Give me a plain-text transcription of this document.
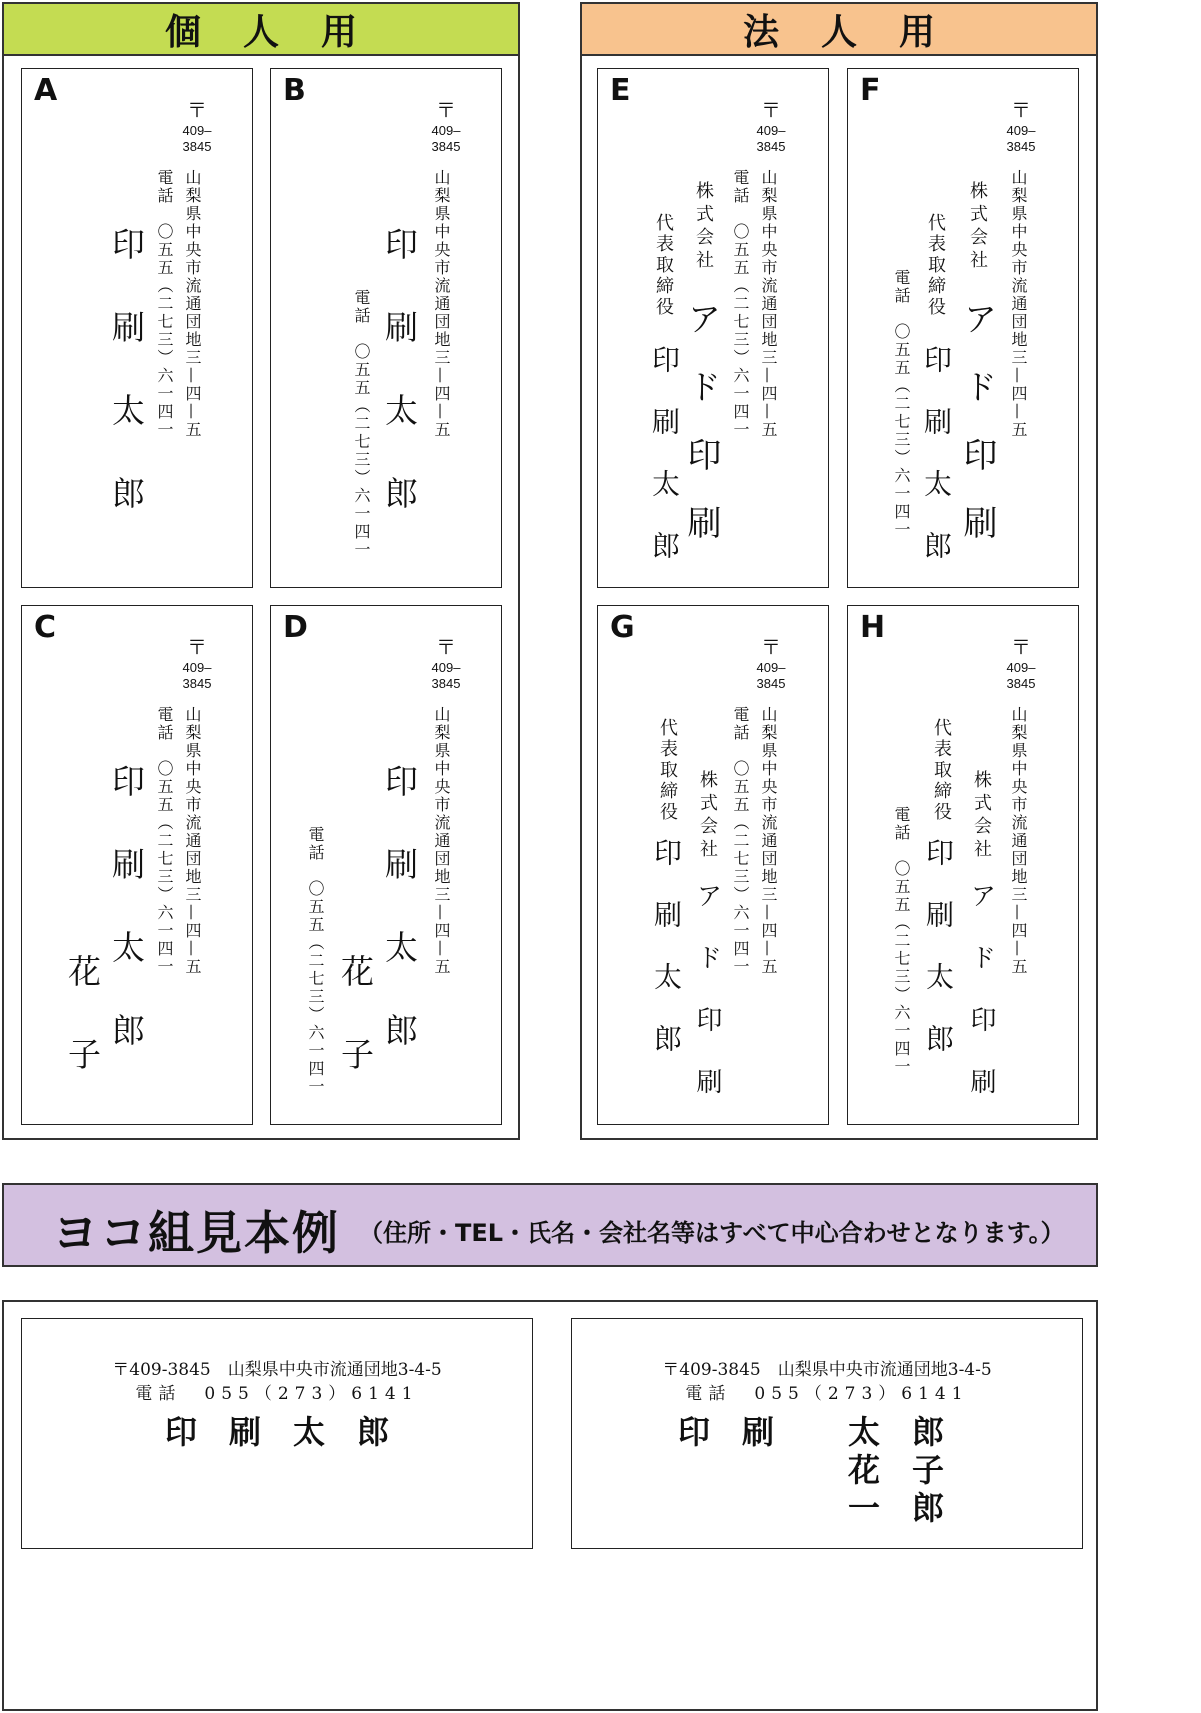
個人用
A
〒
409–3845
山梨県中央市流通団地三—四—五
電話　〇五五（二七三）六一四一
印刷太郎
B
〒
409–3845
山梨県中央市流通団地三—四—五
印刷太郎
電話　〇五五（二七三）六一四一
C
〒
409–3845
山梨県中央市流通団地三—四—五
電話　〇五五（二七三）六一四一
印刷太郎
花子
D
〒
409–3845
山梨県中央市流通団地三—四—五
印刷太郎
花子
電話　〇五五（二七三）六一四一
法人用
E
〒
409–3845
山梨県中央市流通団地三—四—五
電話　〇五五（二七三）六一四一
株式会社
アド印刷
代表取締役
印刷太郎
F
〒
409–3845
山梨県中央市流通団地三—四—五
株式会社
アド印刷
代表取締役
印刷太郎
電話　〇五五（二七三）六一四一
G
〒
409–3845
山梨県中央市流通団地三—四—五
電話　〇五五（二七三）六一四一
株式会社
アド印刷
代表取締役
印刷太郎
H
〒
409–3845
山梨県中央市流通団地三—四—五
株式会社
アド印刷
代表取締役
印刷太郎
電話　〇五五（二七三）六一四一
ヨコ組見本例 （住所・TEL・氏名・会社名等はすべて中心合わせとなります。）
〒409-3845　山梨県中央市流通団地3-4-5
電話　055（273）6141
印　刷　太　郎
〒409-3845　山梨県中央市流通団地3-4-5
電話　055（273）6141
印　刷 太　郎
花　子
一　郎
